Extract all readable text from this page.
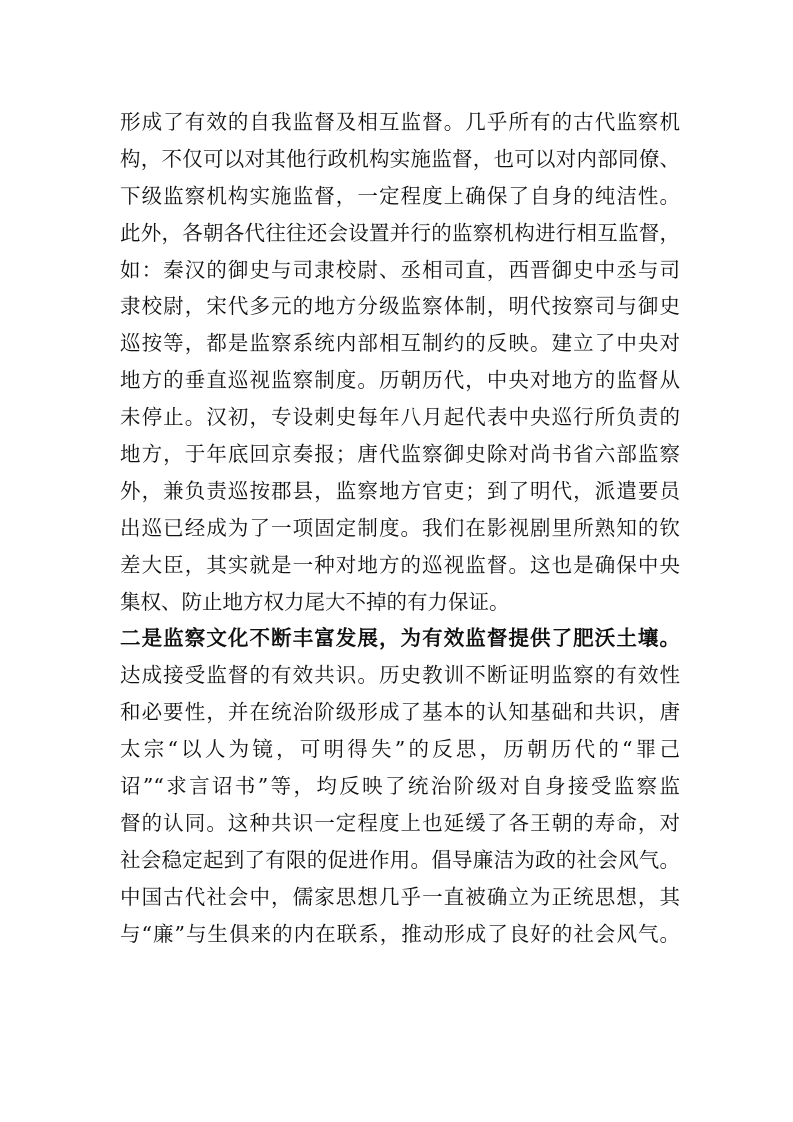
形成了有效的自我监督及相互监督。几乎所有的古代监察机
构，不仅可以对其他行政机构实施监督，也可以对内部同僚、
下级监察机构实施监督，一定程度上确保了自身的纯洁性。
此外，各朝各代往往还会设置并行的监察机构进行相互监督，
如：秦汉的御史与司隶校尉、丞相司直，西晋御史中丞与司
隶校尉，宋代多元的地方分级监察体制，明代按察司与御史
巡按等，都是监察系统内部相互制约的反映。建立了中央对
地方的垂直巡视监察制度。历朝历代，中央对地方的监督从
未停止。汉初，专设刺史每年八月起代表中央巡行所负责的
地方，于年底回京奏报；唐代监察御史除对尚书省六部监察
外，兼负责巡按郡县，监察地方官吏；到了明代，派遣要员
出巡已经成为了一项固定制度。我们在影视剧里所熟知的钦
差大臣，其实就是一种对地方的巡视监督。这也是确保中央
集权、防止地方权力尾大不掉的有力保证。
二是监察文化不断丰富发展，为有效监督提供了肥沃土壤。
达成接受监督的有效共识。历史教训不断证明监察的有效性
和必要性，并在统治阶级形成了基本的认知基础和共识，唐
太宗“以人为镜，可明得失”的反思，历朝历代的“罪己
诏”“求言诏书”等，均反映了统治阶级对自身接受监察监
督的认同。这种共识一定程度上也延缓了各王朝的寿命，对
社会稳定起到了有限的促进作用。倡导廉洁为政的社会风气。
中国古代社会中，儒家思想几乎一直被确立为正统思想，其
与“廉”与生俱来的内在联系，推动形成了良好的社会风气。
